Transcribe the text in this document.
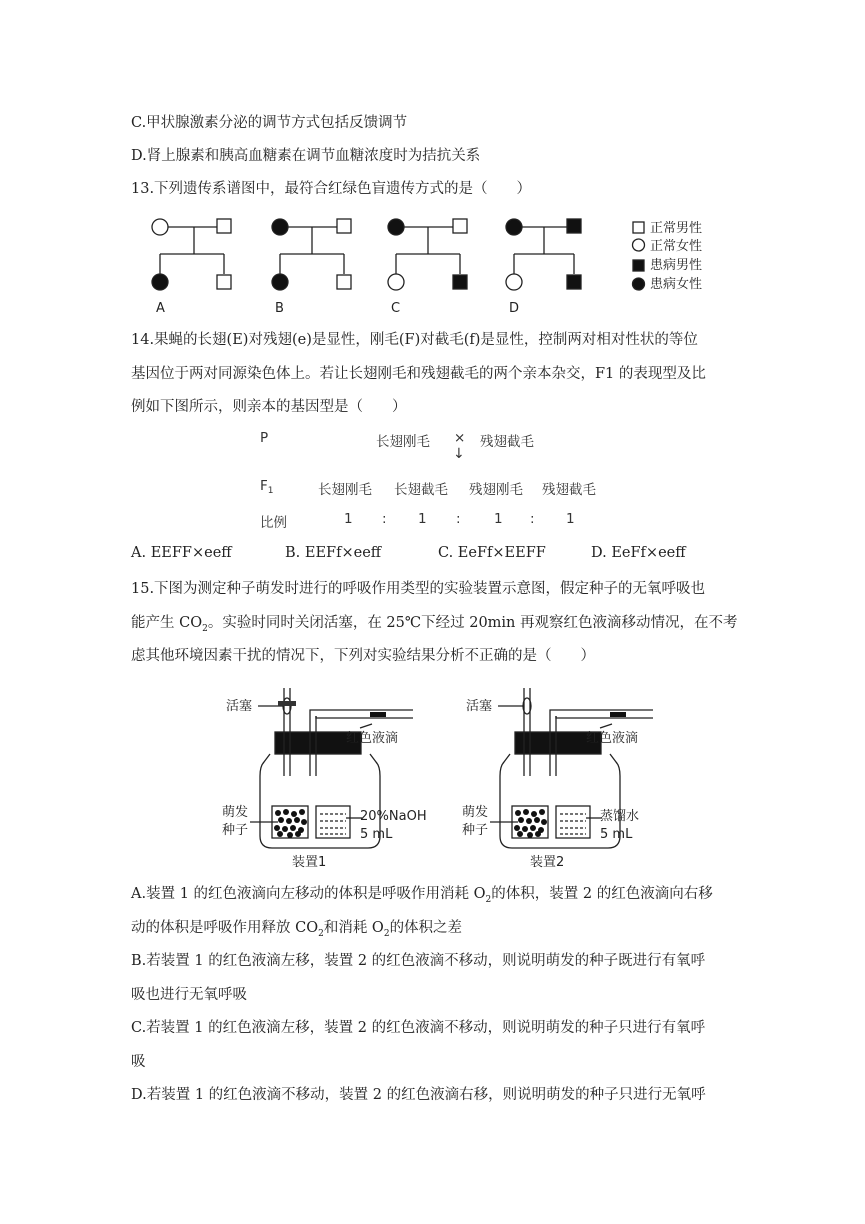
C.甲状腺激素分泌的调节方式包括反馈调节
D.肾上腺素和胰高血糖素在调节血糖浓度时为拮抗关系
13.下列遗传系谱图中，最符合红绿色盲遗传方式的是（　　）
A	B	C	D
正常男性
正常女性
患病男性
患病女性
14.果蝇的长翅(E)对残翅(e)是显性，刚毛(F)对截毛(f)是显性，控制两对相对性状的等位
基因位于两对同源染色体上。若让长翅刚毛和残翅截毛的两个亲本杂交，F1 的表现型及比
例如下图所示，则亲本的基因型是（　　）
P	长翅刚毛 × 残翅截毛
↓
$F_1$	长翅刚毛 长翅截毛 残翅刚毛 残翅截毛
比例	1 : 1 : 1 : 1
A. EEFF×eeff	B. EEFf×eeff	C. EeFf×EEFF	D. EeFf×eeff
15.下图为测定种子萌发时进行的呼吸作用类型的实验装置示意图，假定种子的无氧呼吸也
能产生 $CO_2$。实验时同时关闭活塞，在 25℃下经过 20min 再观察红色液滴移动情况，在不考
虑其他环境因素干扰的情况下，下列对实验结果分析不正确的是（　　）
活塞
红色液滴
萌发
种子
20%NaOH
5 mL
装置1
活塞
红色液滴
萌发
种子
蒸馏水
5 mL
装置2
A.装置 1 的红色液滴向左移动的体积是呼吸作用消耗 $O_2$的体积，装置 2 的红色液滴向右移
动的体积是呼吸作用释放 $CO_2$和消耗 $O_2$的体积之差
B.若装置 1 的红色液滴左移，装置 2 的红色液滴不移动，则说明萌发的种子既进行有氧呼
吸也进行无氧呼吸
C.若装置 1 的红色液滴左移，装置 2 的红色液滴不移动，则说明萌发的种子只进行有氧呼
吸
D.若装置 1 的红色液滴不移动，装置 2 的红色液滴右移，则说明萌发的种子只进行无氧呼
